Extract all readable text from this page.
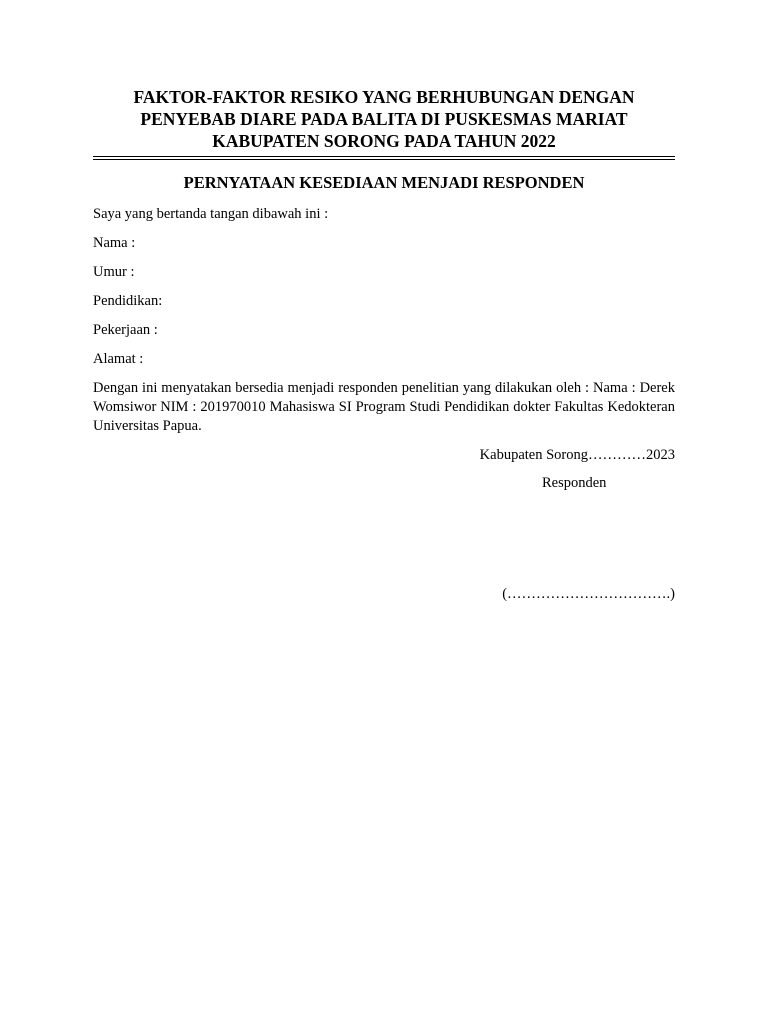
FAKTOR-FAKTOR RESIKO YANG BERHUBUNGAN DENGAN
PENYEBAB DIARE PADA BALITA DI PUSKESMAS MARIAT
KABUPATEN SORONG PADA TAHUN 2022
PERNYATAAN KESEDIAAN MENJADI RESPONDEN

Saya yang bertanda tangan dibawah ini :

Nama :

Umur :

Pendidikan:

Pekerjaan :

Alamat :

Dengan ini menyatakan bersedia menjadi responden penelitian yang dilakukan oleh : Nama : Derek Womsiwor NIM : 201970010 Mahasiswa SI Program Studi Pendidikan dokter Fakultas Kedokteran Universitas Papua.

Kabupaten Sorong…………2023

Responden

(…………………………….)
